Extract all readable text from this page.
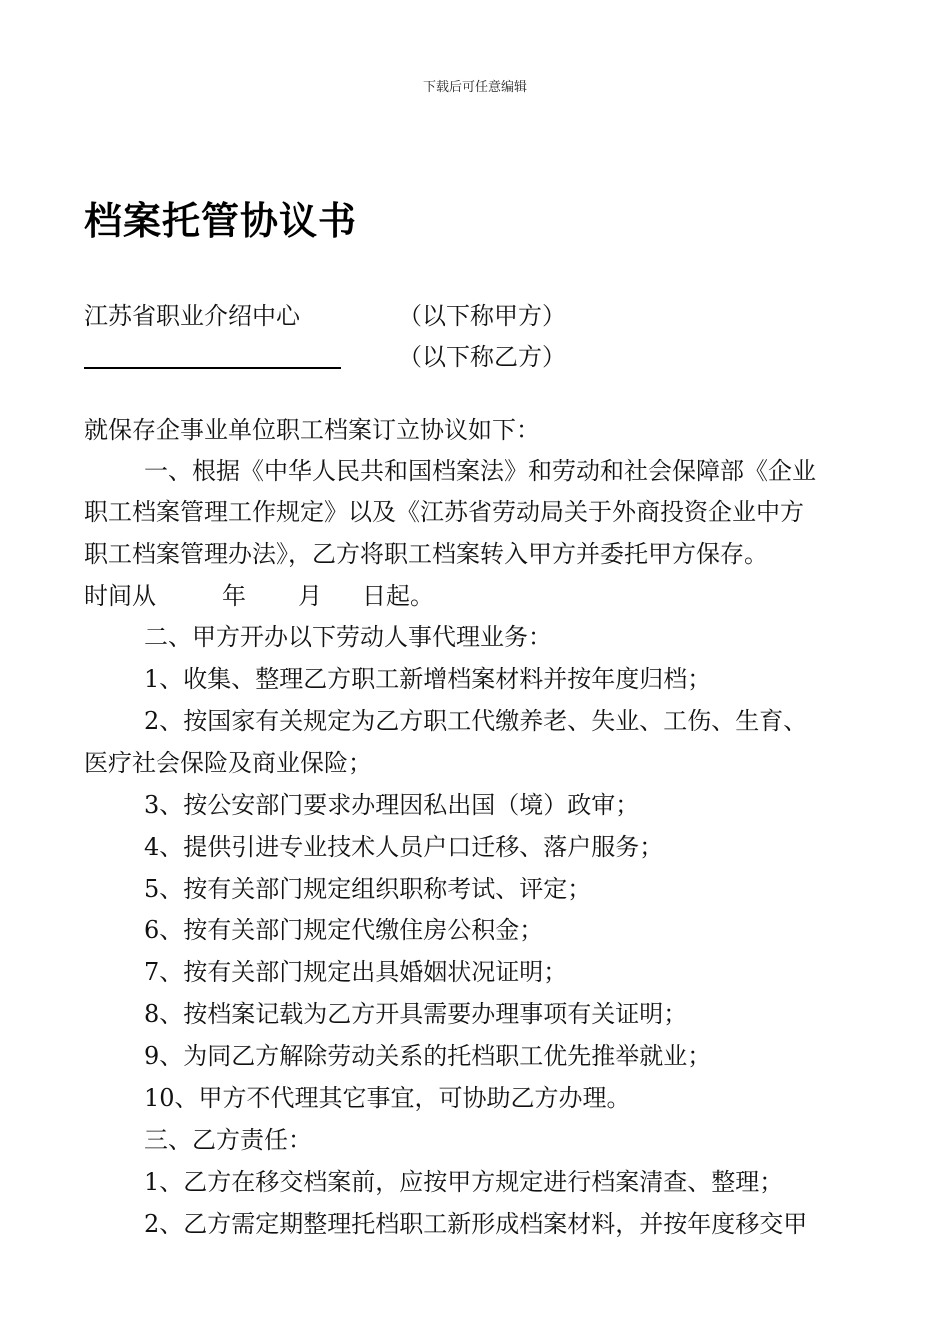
下载后可任意编辑
档案托管协议书
江苏省职业介绍中心	（以下称甲方）
（以下称乙方）
就保存企事业单位职工档案订立协议如下：
一、根据《中华人民共和国档案法》和劳动和社会保障部《企业
职工档案管理工作规定》以及《江苏省劳动局关于外商投资企业中方
职工档案管理办法》，乙方将职工档案转入甲方并委托甲方保存。
时间从	年 月 日起。
二、甲方开办以下劳动人事代理业务：
1、收集、整理乙方职工新增档案材料并按年度归档；
2、按国家有关规定为乙方职工代缴养老、失业、工伤、生育、
医疗社会保险及商业保险；
3、按公安部门要求办理因私出国（境）政审；
4、提供引进专业技术人员户口迁移、落户服务；
5、按有关部门规定组织职称考试、评定；
6、按有关部门规定代缴住房公积金；
7、按有关部门规定出具婚姻状况证明；
8、按档案记载为乙方开具需要办理事项有关证明；
9、为同乙方解除劳动关系的托档职工优先推举就业；
10、甲方不代理其它事宜，可协助乙方办理。
三、乙方责任：
1、乙方在移交档案前，应按甲方规定进行档案清查、整理；
2、乙方需定期整理托档职工新形成档案材料，并按年度移交甲
